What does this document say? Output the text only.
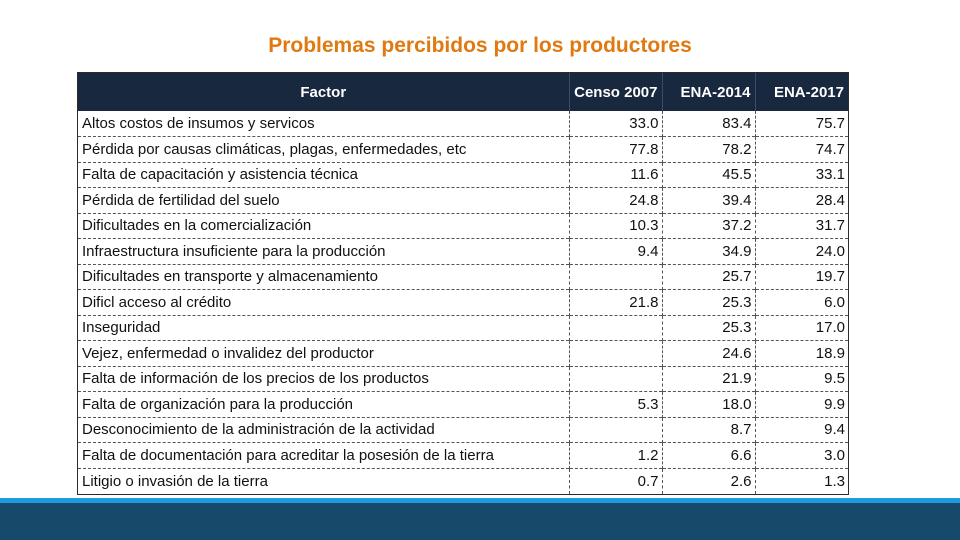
Problemas percibidos por los productores
Factor	Censo 2007	ENA-2014	ENA-2017
Altos costos de insumos y servicos	33.0	83.4	75.7
Pérdida por causas climáticas, plagas, enfermedades, etc	77.8	78.2	74.7
Falta de capacitación y asistencia técnica	11.6	45.5	33.1
Pérdida de fertilidad del suelo	24.8	39.4	28.4
Dificultades en la comercialización	10.3	37.2	31.7
Infraestructura insuficiente para la producción	9.4	34.9	24.0
Dificultades en transporte y almacenamiento		25.7	19.7
Dificl acceso al crédito	21.8	25.3	6.0
Inseguridad		25.3	17.0
Vejez, enfermedad o invalidez del productor		24.6	18.9
Falta de información de los precios de los productos		21.9	9.5
Falta de organización para la producción	5.3	18.0	9.9
Desconocimiento de la administración de la actividad		8.7	9.4
Falta de documentación para acreditar la posesión de la tierra	1.2	6.6	3.0
Litigio o invasión de la tierra	0.7	2.6	1.3
